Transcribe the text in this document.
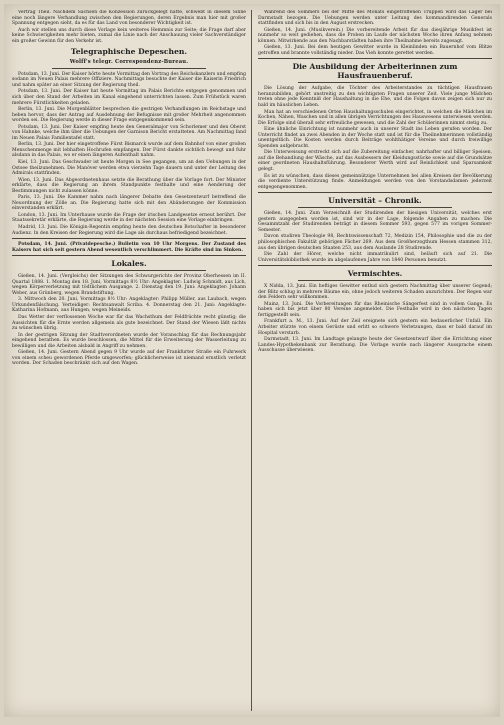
Vertrag Theil. Nachdem Sachsen die Konzession zurückgelegt hatte, schwebt in diesem Sinne eine noch längere Verhandlung zwischen den Regierungen, deren Ergebnis man hier mit großer Spannung entgegen sieht, da es für das Land von besonderer Wichtigkeit ist.

Auch wir stellen uns durch diese Vorlage kein weiteres Hemmnis zur Seite; die Frage darf aber keine Schwierigkeiten mehr bieten, zumal die Linie nach der Anschauung vieler Sachverständiger ein großer Gewinn für den Verkehr ist.

Telegraphische Depeschen.
Wolff's telegr. Correspondenz-Bureau.

Potsdam, 13. Juni. Der Kaiser hörte heute Vormittag den Vortrag des Reichskanzlers und empfing sodann im Neuen Palais mehrere Offiziere. Nachmittags besuchte der Kaiser die Kaiserin Friedrich und nahm später an einer Sitzung der Regierung theil.

Potsdam, 13. Juni. Der Kaiser hat heute Vormittag im Palais Berichte entgegen genommen und sich über den Stand der Arbeiten im Kanal eingehend unterrichten lassen. Zum Frühstück waren mehrere Fürstlichkeiten geladen.

Berlin, 13. Juni. Die Morgenblätter besprechen die gestrigen Verhandlungen im Reichstage und heben hervor, dass der Antrag auf Ausdehnung der Befugnisse mit großer Mehrheit angenommen worden sei. Die Regierung werde in dieser Frage entgegenkommend sein.

Potsdam, 13. Juni. Der Kaiser empfing heute den Generalmajor von Schorlemer und den Oberst von Hahnke, welche ihm über die Uebungen der Garnison Bericht erstatteten. Am Nachmittag fand im Neuen Palais Familientafel statt.

Berlin, 13. Juni. Der hier eingetroffene Fürst Bismarck wurde auf dem Bahnhof von einer großen Menschenmenge mit lebhaften Hochrufen empfangen. Der Fürst dankte sichtlich bewegt und fuhr alsdann in das Palais, wo er einen längeren Aufenthalt nahm.

Kiel, 13. Juni. Das Geschwader ist heute Morgen in See gegangen, um an den Uebungen in der Ostsee theilzunehmen. Die Manöver werden etwa vierzehn Tage dauern und unter der Leitung des Admirals stattfinden.

Wien, 13. Juni. Das Abgeordnetenhaus setzte die Berathung über die Vorlage fort. Der Minister erklärte, dass die Regierung an ihrem Standpunkte festhalte und eine Aenderung der Bestimmungen nicht zulassen könne.

Paris, 13. Juni. Die Kammer nahm nach längerer Debatte den Gesetzentwurf betreffend die Neuordnung der Zölle an. Die Regierung hatte sich mit den Abänderungen der Kommission einverstanden erklärt.

London, 13. Juni. Im Unterhause wurde die Frage der irischen Landgesetze erneut berührt. Der Staatssekretär erklärte, die Regierung werde in der nächsten Session eine Vorlage einbringen.

Madrid, 13. Juni. Die Königin-Regentin empfing heute den deutschen Botschafter in besonderer Audienz. In den Kreisen der Regierung wird die Lage als durchaus befriedigend bezeichnet.

Potsdam, 14. Juni. (Privatdepesche.) Bulletin von 10 Uhr Morgens. Der Zustand des Kaisers hat sich seit gestern Abend wesentlich verschlimmert. Die Kräfte sind im Sinken.

Lokales.

Gießen, 14. Juni. (Vergleichs) der Sitzungen des Schwurgerichts der Provinz Oberhessen im II. Quartal 1888. 1. Montag den 18. Juni, Vormittags 8½ Uhr: Angeklagter: Ludwig Schmidt, aus Lich, wegen Körperverletzung mit tödtlichem Ausgange. 2. Dienstag den 19. Juni: Angeklagter: Johann Weber, aus Grünberg, wegen Brandstiftung.

3. Mittwoch den 20. Juni, Vormittags 8½ Uhr: Angeklagter: Philipp Müller, aus Laubach, wegen Urkundenfälschung. Verteidiger: Rechtsanwalt Scriba. 4. Donnerstag den 21. Juni: Angeklagte: Katharina Hofmann, aus Hungen, wegen Meineids.

Das Wetter der verflossenen Woche war für das Wachsthum der Feldfrüchte recht günstig; die Aussichten für die Ernte werden allgemein als gute bezeichnet. Der Stand der Wiesen läßt nichts zu wünschen übrig.

In der gestrigen Sitzung der Stadtverordneten wurde der Voranschlag für das Rechnungsjahr eingehend berathen. Es wurde beschlossen, die Mittel für die Erweiterung der Wasserleitung zu bewilligen und die Arbeiten alsbald in Angriff zu nehmen.

Gießen, 14. Juni. Gestern Abend gegen 9 Uhr wurde auf der Frankfurter Straße ein Fuhrwerk von einem scheu gewordenen Pferde umgeworfen; glücklicherweise ist niemand ernstlich verletzt worden. Der Schaden beschränkt sich auf den Wagen.

Während des Sommers bei der Mitte des Monats eingetroffenen Truppen wird das Lager bei Darmstadt bezogen. Die Uebungen werden unter Leitung des kommandirenden Generals stattfinden und sich bis in den August erstrecken.

Gießen, 14. Juni. (Musikverein.) Die vorbereitende Arbeit für das diesjährige Musikfest ist nunmehr so weit gediehen, dass die Proben im Laufe der nächsten Woche ihren Anfang nehmen können. Mitwirkende aus den Nachbarstädten haben ihre Theilnahme bereits zugesagt.

Gießen, 13. Juni. Bei dem heutigen Gewitter wurde in Kleinlinden ein Bauernhof vom Blitze getroffen und brannte vollständig nieder. Das Vieh konnte gerettet werden.

Die Ausbildung der Arbeiterinnen zum Hausfrauenberuf.

Die Lösung der Aufgabe, die Töchter des Arbeiterstandes zu tüchtigen Hausfrauen heranzubilden, gehört unstreitig zu den wichtigsten Fragen unserer Zeit. Viele junge Mädchen treten ohne jede Kenntniß der Haushaltung in die Ehe, und die Folgen davon zeigen sich nur zu bald im häuslichen Leben.

Man hat an verschiedenen Orten Haushaltungsschulen eingerichtet, in welchen die Mädchen im Kochen, Nähen, Waschen und in allen übrigen Verrichtungen des Hauswesens unterwiesen werden. Die Erfolge sind überall sehr erfreuliche gewesen, und die Zahl der Schülerinnen nimmt stetig zu.

Eine ähnliche Einrichtung ist nunmehr auch in unserer Stadt ins Leben gerufen worden. Der Unterricht findet an zwei Abenden in der Woche statt und ist für die Theilnehmerinnen vollständig unentgeltlich. Die Kosten werden durch Beiträge wohlthätiger Vereine und durch freiwillige Spenden aufgebracht.

Die Unterweisung erstreckt sich auf die Zubereitung einfacher, nahrhafter und billiger Speisen, auf die Behandlung der Wäsche, auf das Ausbessern der Kleidungsstücke sowie auf die Grundsätze einer geordneten Haushaltsführung. Besonderer Werth wird auf Reinlichkeit und Sparsamkeit gelegt.

Es ist zu wünschen, dass dieses gemeinnützige Unternehmen bei allen Kreisen der Bevölkerung die verdiente Unterstützung finde. Anmeldungen werden von den Vorstandsdamen jederzeit entgegengenommen.

Universität – Chronik.

Gießen, 14. Juni. Zum Verzeichniß der Studirenden der hiesigen Universität, welches erst gestern ausgegeben worden ist, sind wir in der Lage, folgende Angaben zu machen: Die Gesammtzahl der Studirenden beträgt in diesem Sommer 593, gegen 577 im vorigen Sommer-Semester.

Davon studiren Theologie 98, Rechtswissenschaft 72, Medizin 154, Philosophie und die zu der philosophischen Fakultät gehörigen Fächer 269. Aus dem Großherzogthum Hessen stammen 312, aus den übrigen deutschen Staaten 253, aus dem Auslande 28 Studirende.

Die Zahl der Hörer, welche nicht immatrikulirt sind, beläuft sich auf 21. Die Universitätsbibliothek wurde im abgelaufenen Jahre von 1840 Personen benutzt.

Vermischtes.

X Nidda, 13. Juni. Ein heftiges Gewitter entlud sich gestern Nachmittag über unserer Gegend; der Blitz schlug in mehrere Bäume ein, ohne jedoch weiteren Schaden anzurichten. Der Regen war den Feldern sehr willkommen.

Mainz, 13. Juni. Die Vorbereitungen für das Rheinische Sängerfest sind in vollem Gange. Es haben sich bis jetzt über 80 Vereine angemeldet. Die Festhalle wird in den nächsten Tagen fertiggestellt sein.

Frankfurt a. M., 13. Juni. Auf der Zeil ereignete sich gestern ein bedauerlicher Unfall. Ein Arbeiter stürzte von einem Gerüste und erlitt so schwere Verletzungen, dass er bald darauf im Hospital verstarb.

Darmstadt, 13. Juni. Im Landtage gelangte heute der Gesetzentwurf über die Errichtung einer Landes-Hypothekenbank zur Berathung. Die Vorlage wurde nach längerer Aussprache einem Ausschusse überwiesen.
